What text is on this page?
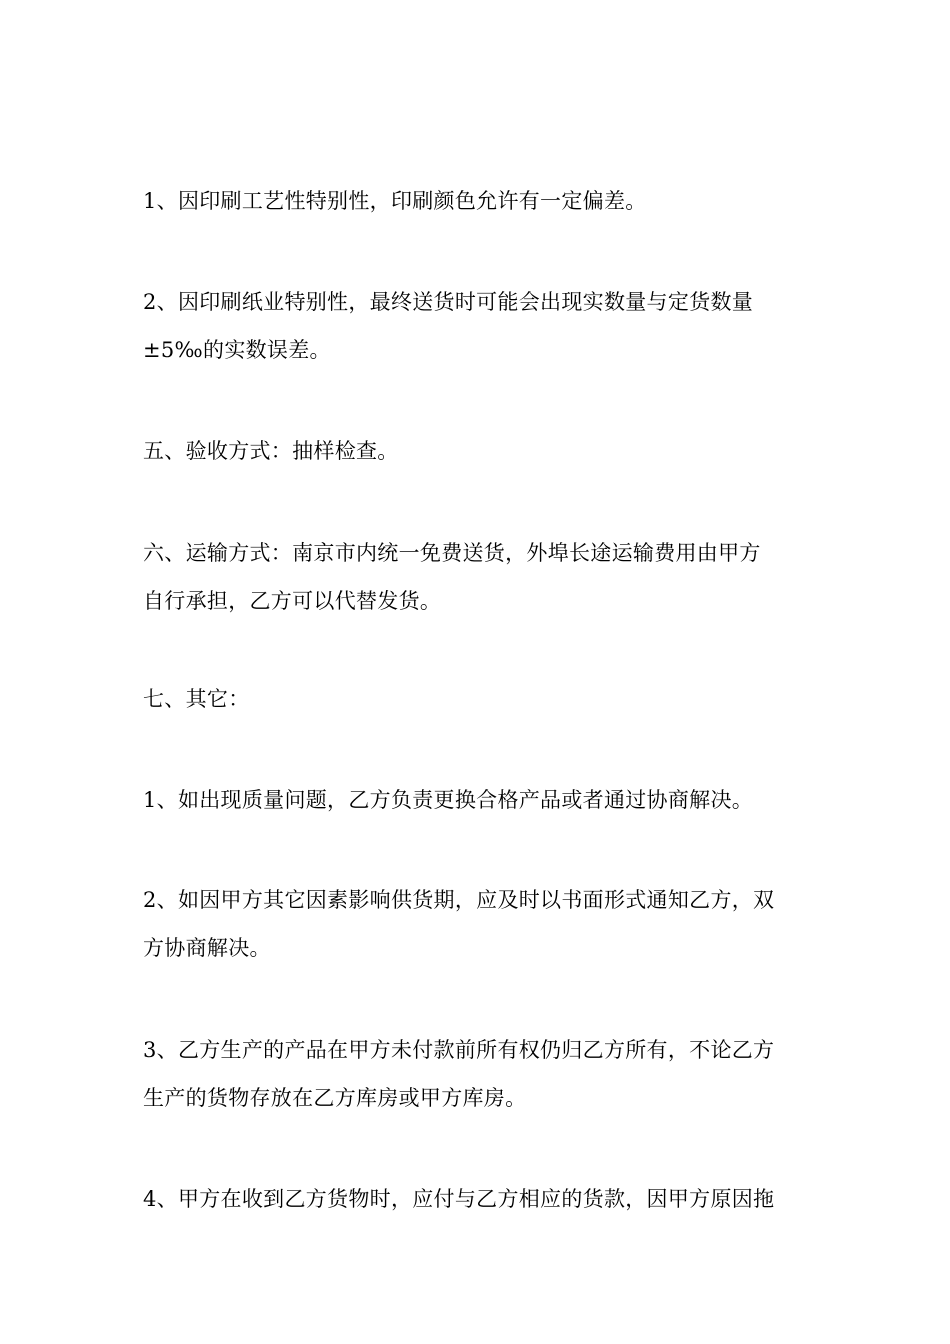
1、因印刷工艺性特别性，印刷颜色允许有一定偏差。

2、因印刷纸业特别性，最终送货时可能会出现实数量与定货数量
±5‰的实数误差。

五、验收方式：抽样检查。

六、运输方式：南京市内统一免费送货，外埠长途运输费用由甲方
自行承担，乙方可以代替发货。

七、其它：

1、如出现质量问题，乙方负责更换合格产品或者通过协商解决。

2、如因甲方其它因素影响供货期，应及时以书面形式通知乙方，双
方协商解决。

3、乙方生产的产品在甲方未付款前所有权仍归乙方所有，不论乙方
生产的货物存放在乙方库房或甲方库房。

4、甲方在收到乙方货物时，应付与乙方相应的货款，因甲方原因拖
